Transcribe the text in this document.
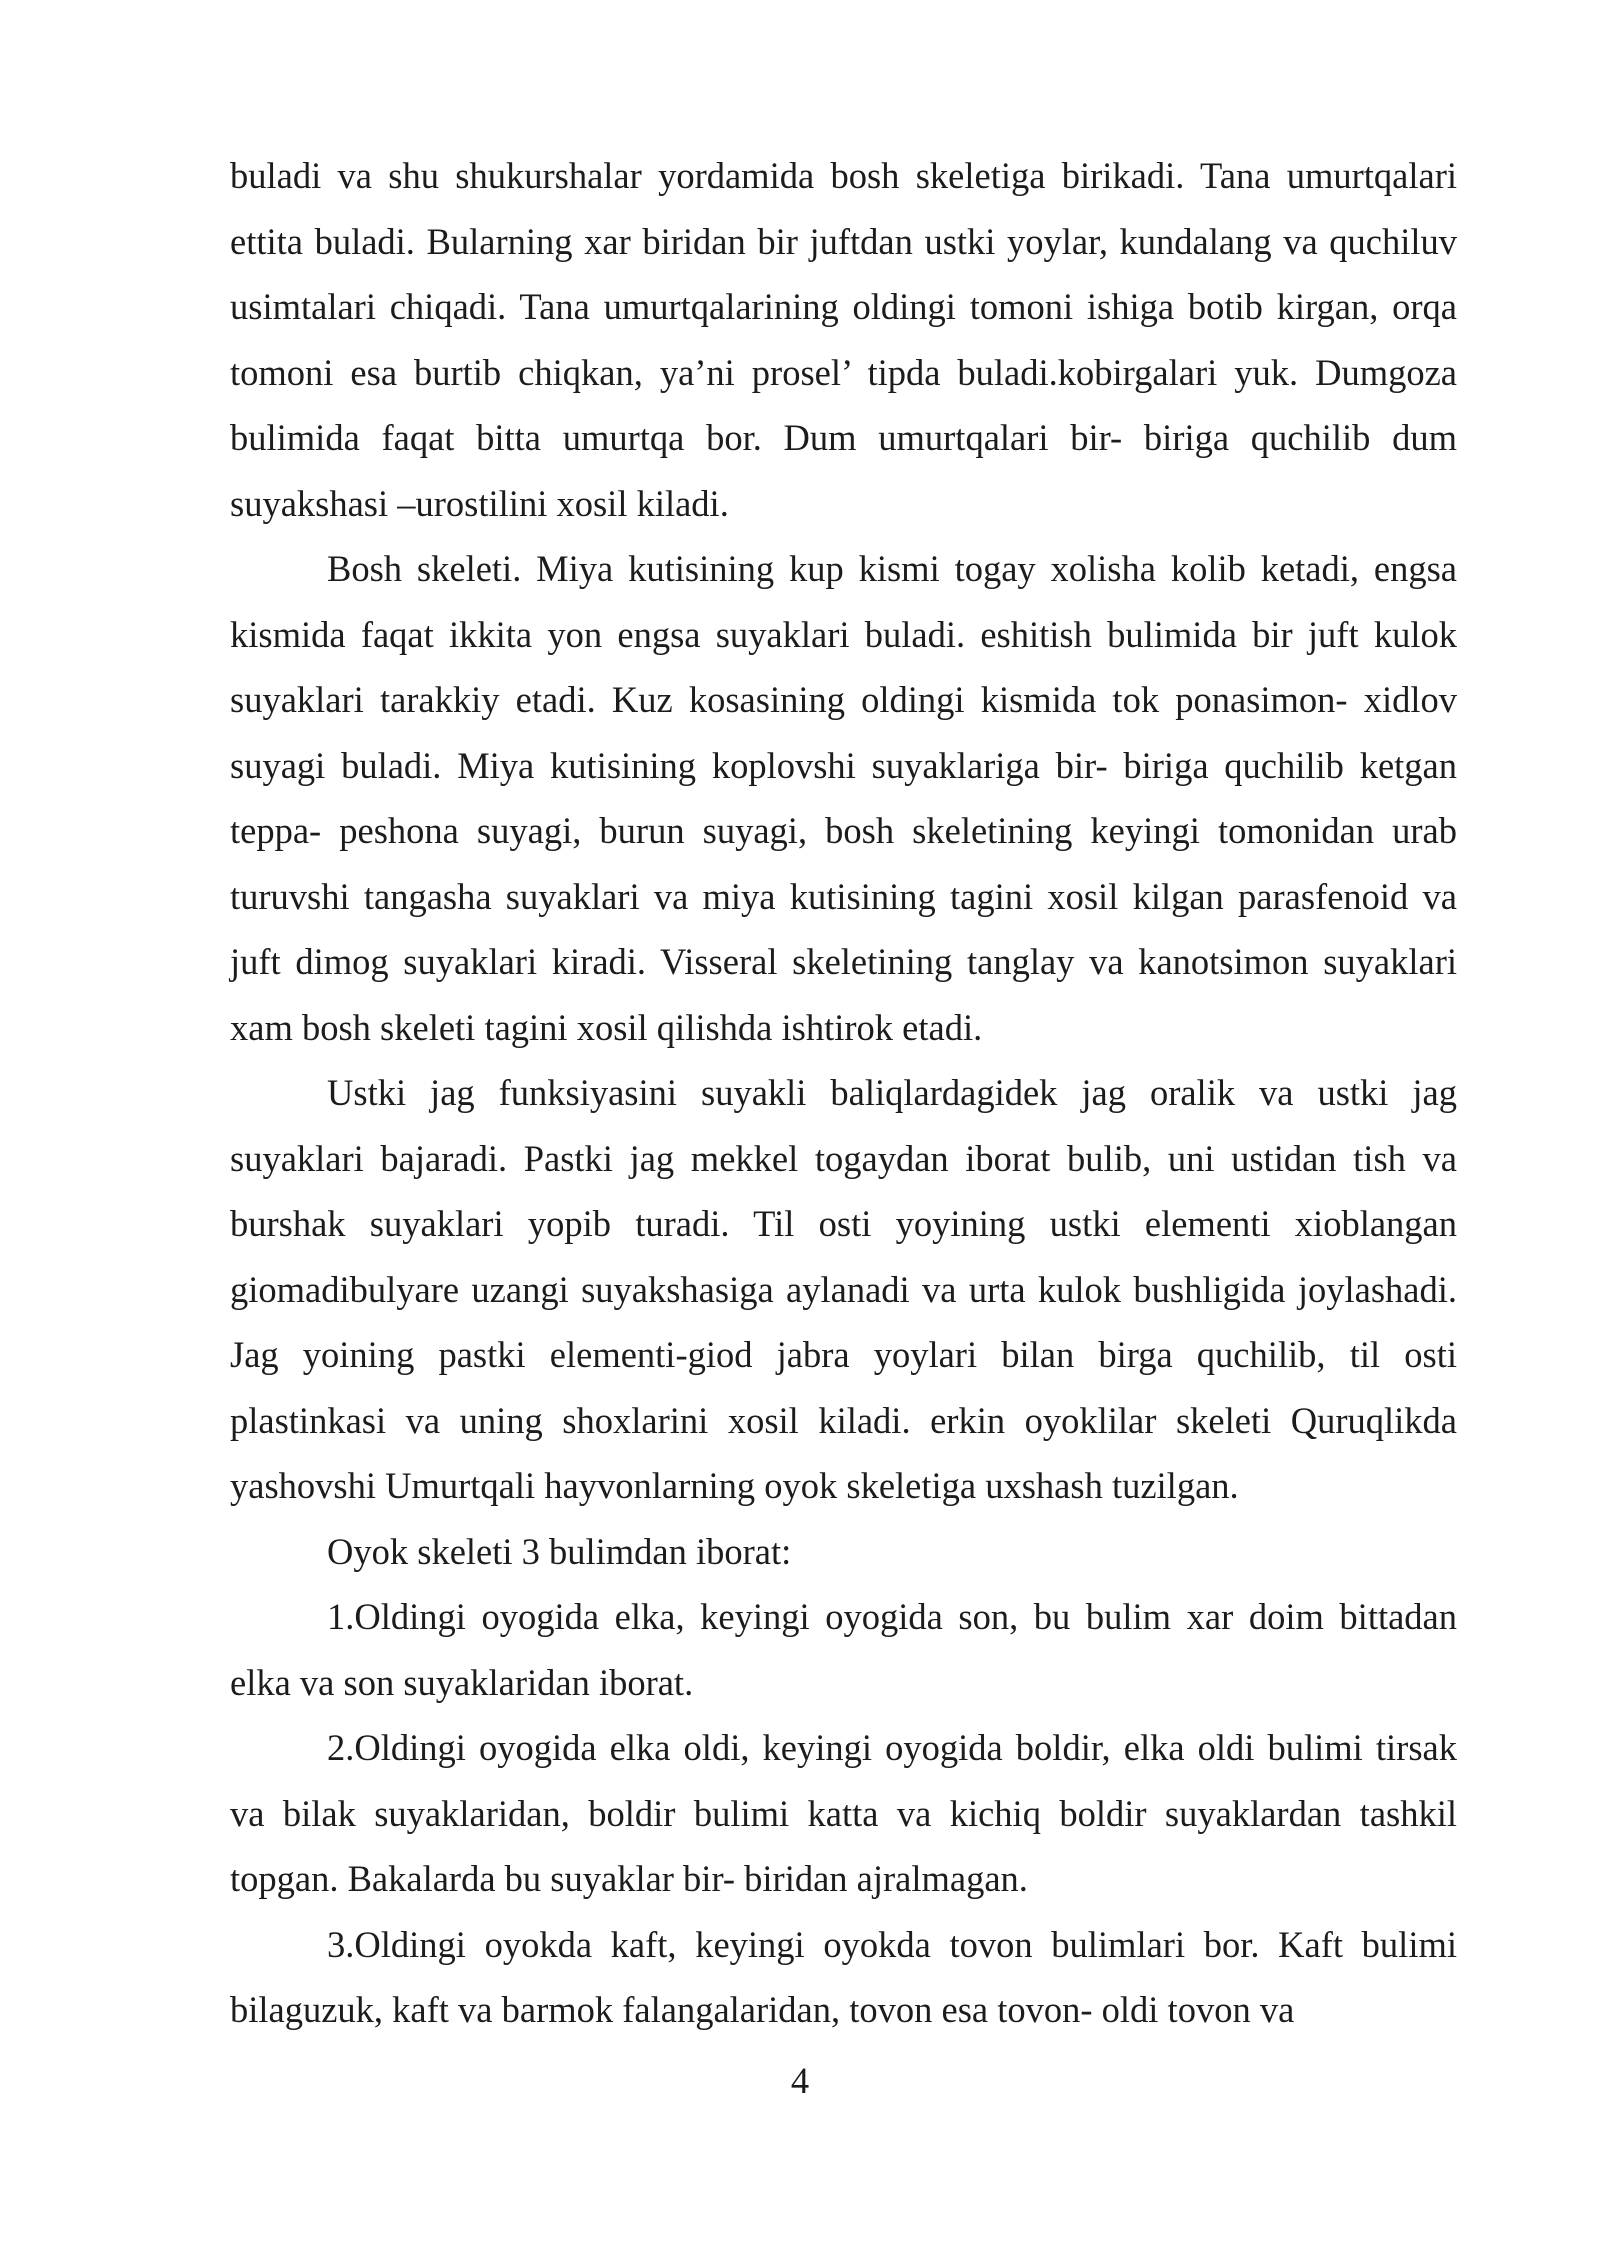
buladi va shu shukurshalar yordamida bosh skeletiga birikadi. Tana umurtqalari ettita buladi. Bularning xar biridan bir juftdan ustki yoylar, kundalang va quchiluv usimtalari chiqadi. Tana umurtqalarining oldingi tomoni ishiga botib kirgan, orqa tomoni esa burtib chiqkan, ya’ni prosel’ tipda buladi.kobirgalari yuk. Dumgoza bulimida faqat bitta umurtqa bor. Dum umurtqalari bir- biriga quchilib dum suyakshasi –urostilini xosil kiladi.

Bosh skeleti. Miya kutisining kup kismi togay xolisha kolib ketadi, engsa kismida faqat ikkita yon engsa suyaklari buladi. eshitish bulimida bir juft kulok suyaklari tarakkiy etadi. Kuz kosasining oldingi kismida tok ponasimon- xidlov suyagi buladi. Miya kutisining koplovshi suyaklariga bir- biriga quchilib ketgan teppa- peshona suyagi, burun suyagi, bosh skeletining keyingi tomonidan urab turuvshi tangasha suyaklari va miya kutisining tagini xosil kilgan parasfenoid va juft dimog suyaklari kiradi. Visseral skeletining tanglay va kanotsimon suyaklari xam bosh skeleti tagini xosil qilishda ishtirok etadi.

Ustki jag funksiyasini suyakli baliqlardagidek jag oralik va ustki jag suyaklari bajaradi. Pastki jag mekkel togaydan iborat bulib, uni ustidan tish va burshak suyaklari yopib turadi. Til osti yoyining ustki elementi xioblangan giomadibulyare uzangi suyakshasiga aylanadi va urta kulok bushligida joylashadi. Jag yoining pastki elementi-giod jabra yoylari bilan birga quchilib, til osti plastinkasi va uning shoxlarini xosil kiladi. erkin oyoklilar skeleti Quruqlikda yashovshi Umurtqali hayvonlarning oyok skeletiga uxshash tuzilgan.

Oyok skeleti 3 bulimdan iborat:

1.Oldingi oyogida elka, keyingi oyogida son, bu bulim xar doim bittadan elka va son suyaklaridan iborat.

2.Oldingi oyogida elka oldi, keyingi oyogida boldir, elka oldi bulimi tirsak va bilak suyaklaridan, boldir bulimi katta va kichiq boldir suyaklardan tashkil topgan. Bakalarda bu suyaklar bir- biridan ajralmagan.

3.Oldingi oyokda kaft, keyingi oyokda tovon bulimlari bor. Kaft bulimi bilaguzuk, kaft va barmok falangalaridan, tovon esa tovon- oldi tovon va

4
